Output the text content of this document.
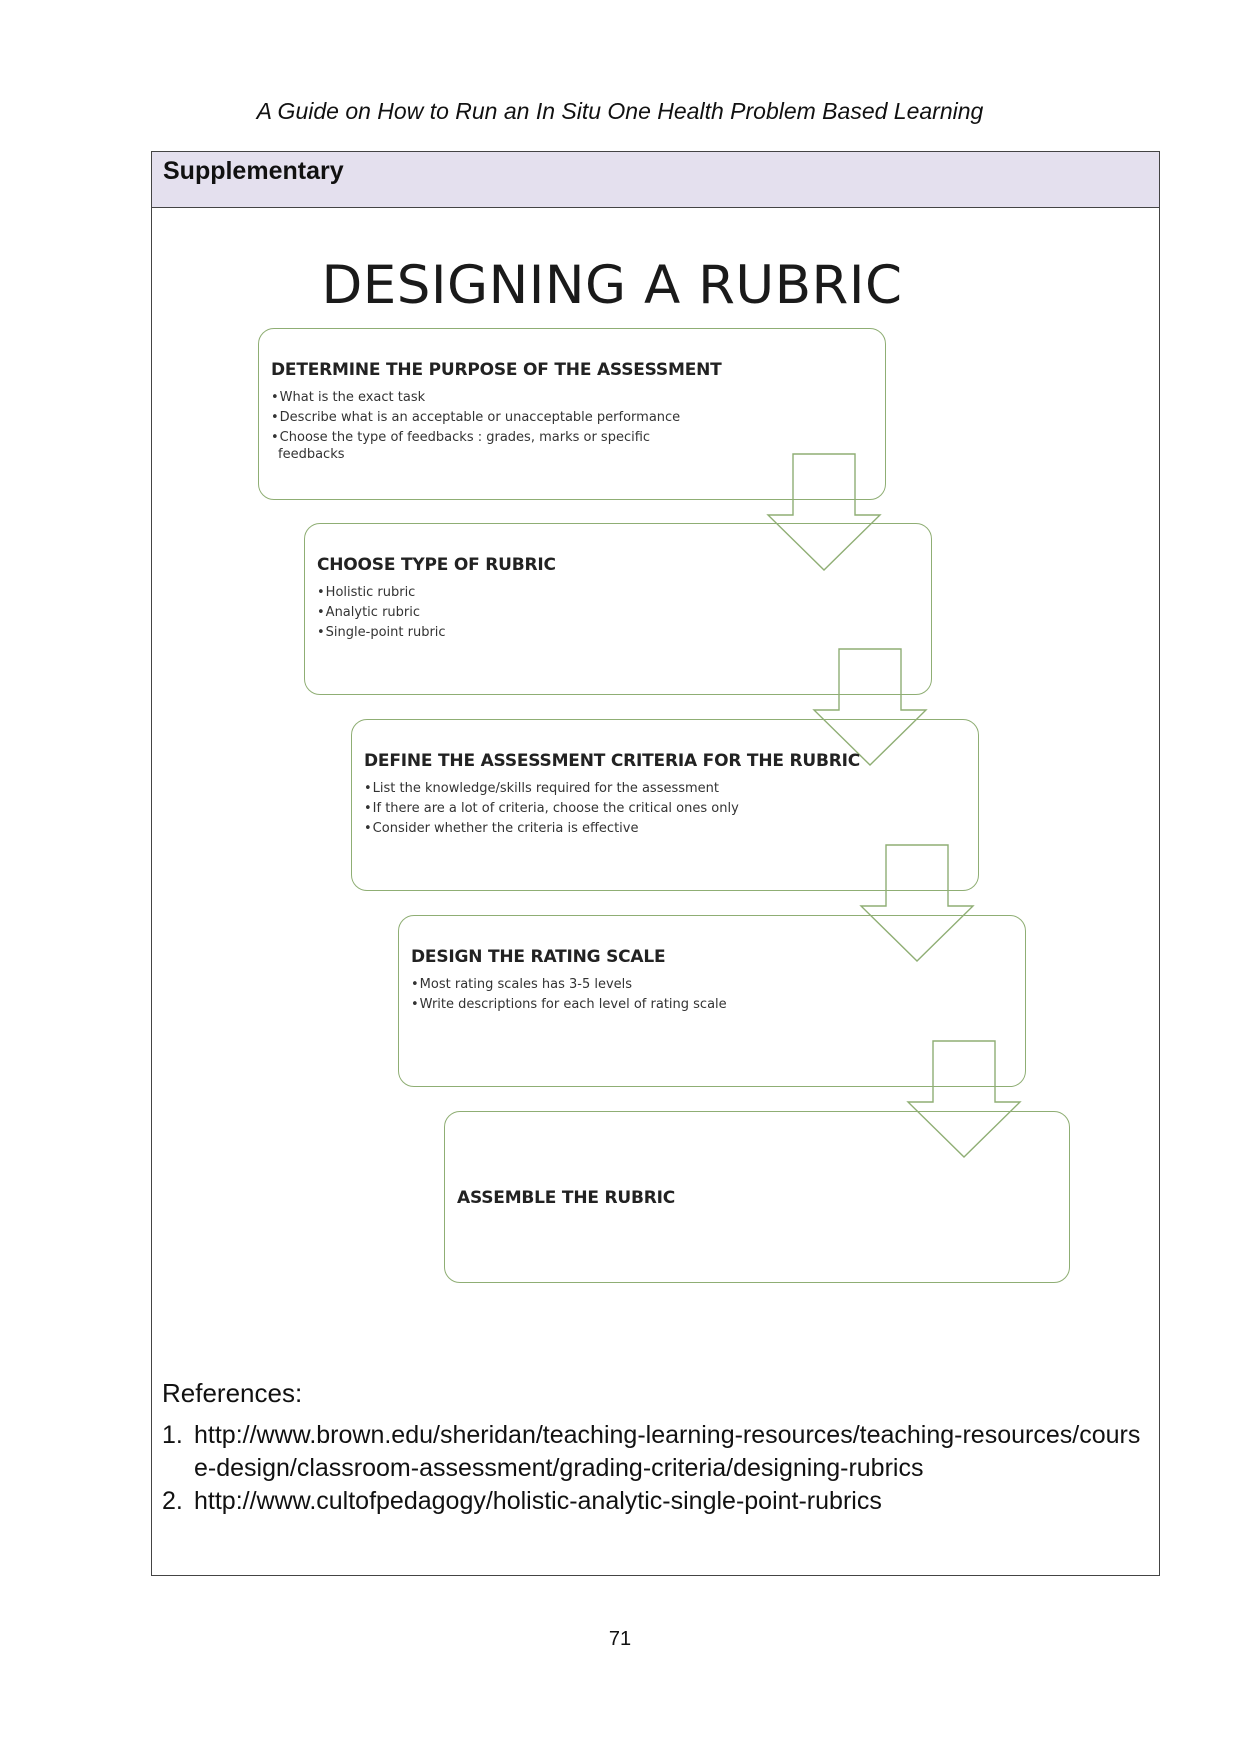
A Guide on How to Run an In Situ One Health Problem Based Learning
Supplementary
DESIGNING A RUBRIC
DETERMINE THE PURPOSE OF THE ASSESSMENT
•What is the exact task
•Describe what is an acceptable or unacceptable performance
•Choose the type of feedbacks : grades, marks or specific feedbacks
CHOOSE TYPE OF RUBRIC
•Holistic rubric
•Analytic rubric
•Single-point rubric
DEFINE THE ASSESSMENT CRITERIA FOR THE RUBRIC
•List the knowledge/skills required for the assessment
•If there are a lot of criteria, choose the critical ones only
•Consider whether the criteria is effective
DESIGN THE RATING SCALE
•Most rating scales has 3-5 levels
•Write descriptions for each level of rating scale
ASSEMBLE THE RUBRIC
References:
1. http://www.brown.edu/sheridan/teaching-learning-resources/teaching-resources/course-design/classroom-assessment/grading-criteria/designing-rubrics
2. http://www.cultofpedagogy/holistic-analytic-single-point-rubrics
71
